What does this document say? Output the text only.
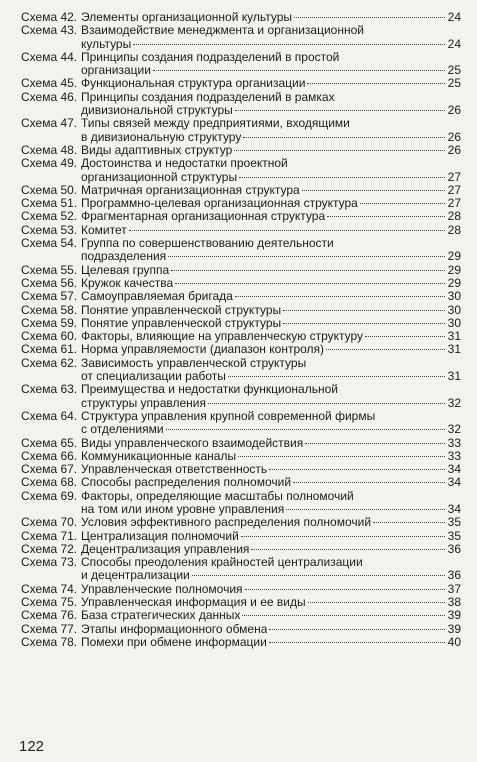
Схема 42. Элементы организационной культуры	24
Схема 43. Взаимодействие менеджмента и организационной
культуры	24
Схема 44. Принципы создания подразделений в простой
организации	25
Схема 45. Функциональная структура организации	25
Схема 46. Принципы создания подразделений в рамках
дивизиональной структуры	26
Схема 47. Типы связей между предприятиями, входящими
в дивизиональную структуру	26
Схема 48. Виды адаптивных структур	26
Схема 49. Достоинства и недостатки проектной
организационной структуры	27
Схема 50. Матричная организационная структура	27
Схема 51. Программно-целевая организационная структура	27
Схема 52. Фрагментарная организационная структура	28
Схема 53. Комитет	28
Схема 54. Группа по совершенствованию деятельности
подразделения	29
Схема 55. Целевая группа	29
Схема 56. Кружок качества	29
Схема 57. Самоуправляемая бригада	30
Схема 58. Понятие управленческой структуры	30
Схема 59. Понятие управленческой структуры	30
Схема 60. Факторы, влияющие на управленческую структуру	31
Схема 61. Норма управляемости (диапазон контроля)	31
Схема 62. Зависимость управленческой структуры
от специализации работы	31
Схема 63. Преимущества и недостатки функциональной
структуры управления	32
Схема 64. Структура управления крупной современной фирмы
с отделениями	32
Схема 65. Виды управленческого взаимодействия	33
Схема 66. Коммуникационные каналы	33
Схема 67. Управленческая ответственность	34
Схема 68. Способы распределения полномочий	34
Схема 69. Факторы, определяющие масштабы полномочий
на том или ином уровне управления	34
Схема 70. Условия эффективного распределения полномочий	35
Схема 71. Централизация полномочий	35
Схема 72. Децентрализация управления	36
Схема 73. Способы преодоления крайностей централизации
и децентрализации	36
Схема 74. Управленческие полномочия	37
Схема 75. Управленческая информация и ее виды	38
Схема 76. База стратегических данных	39
Схема 77. Этапы информационного обмена	39
Схема 78. Помехи при обмене информации	40
122
